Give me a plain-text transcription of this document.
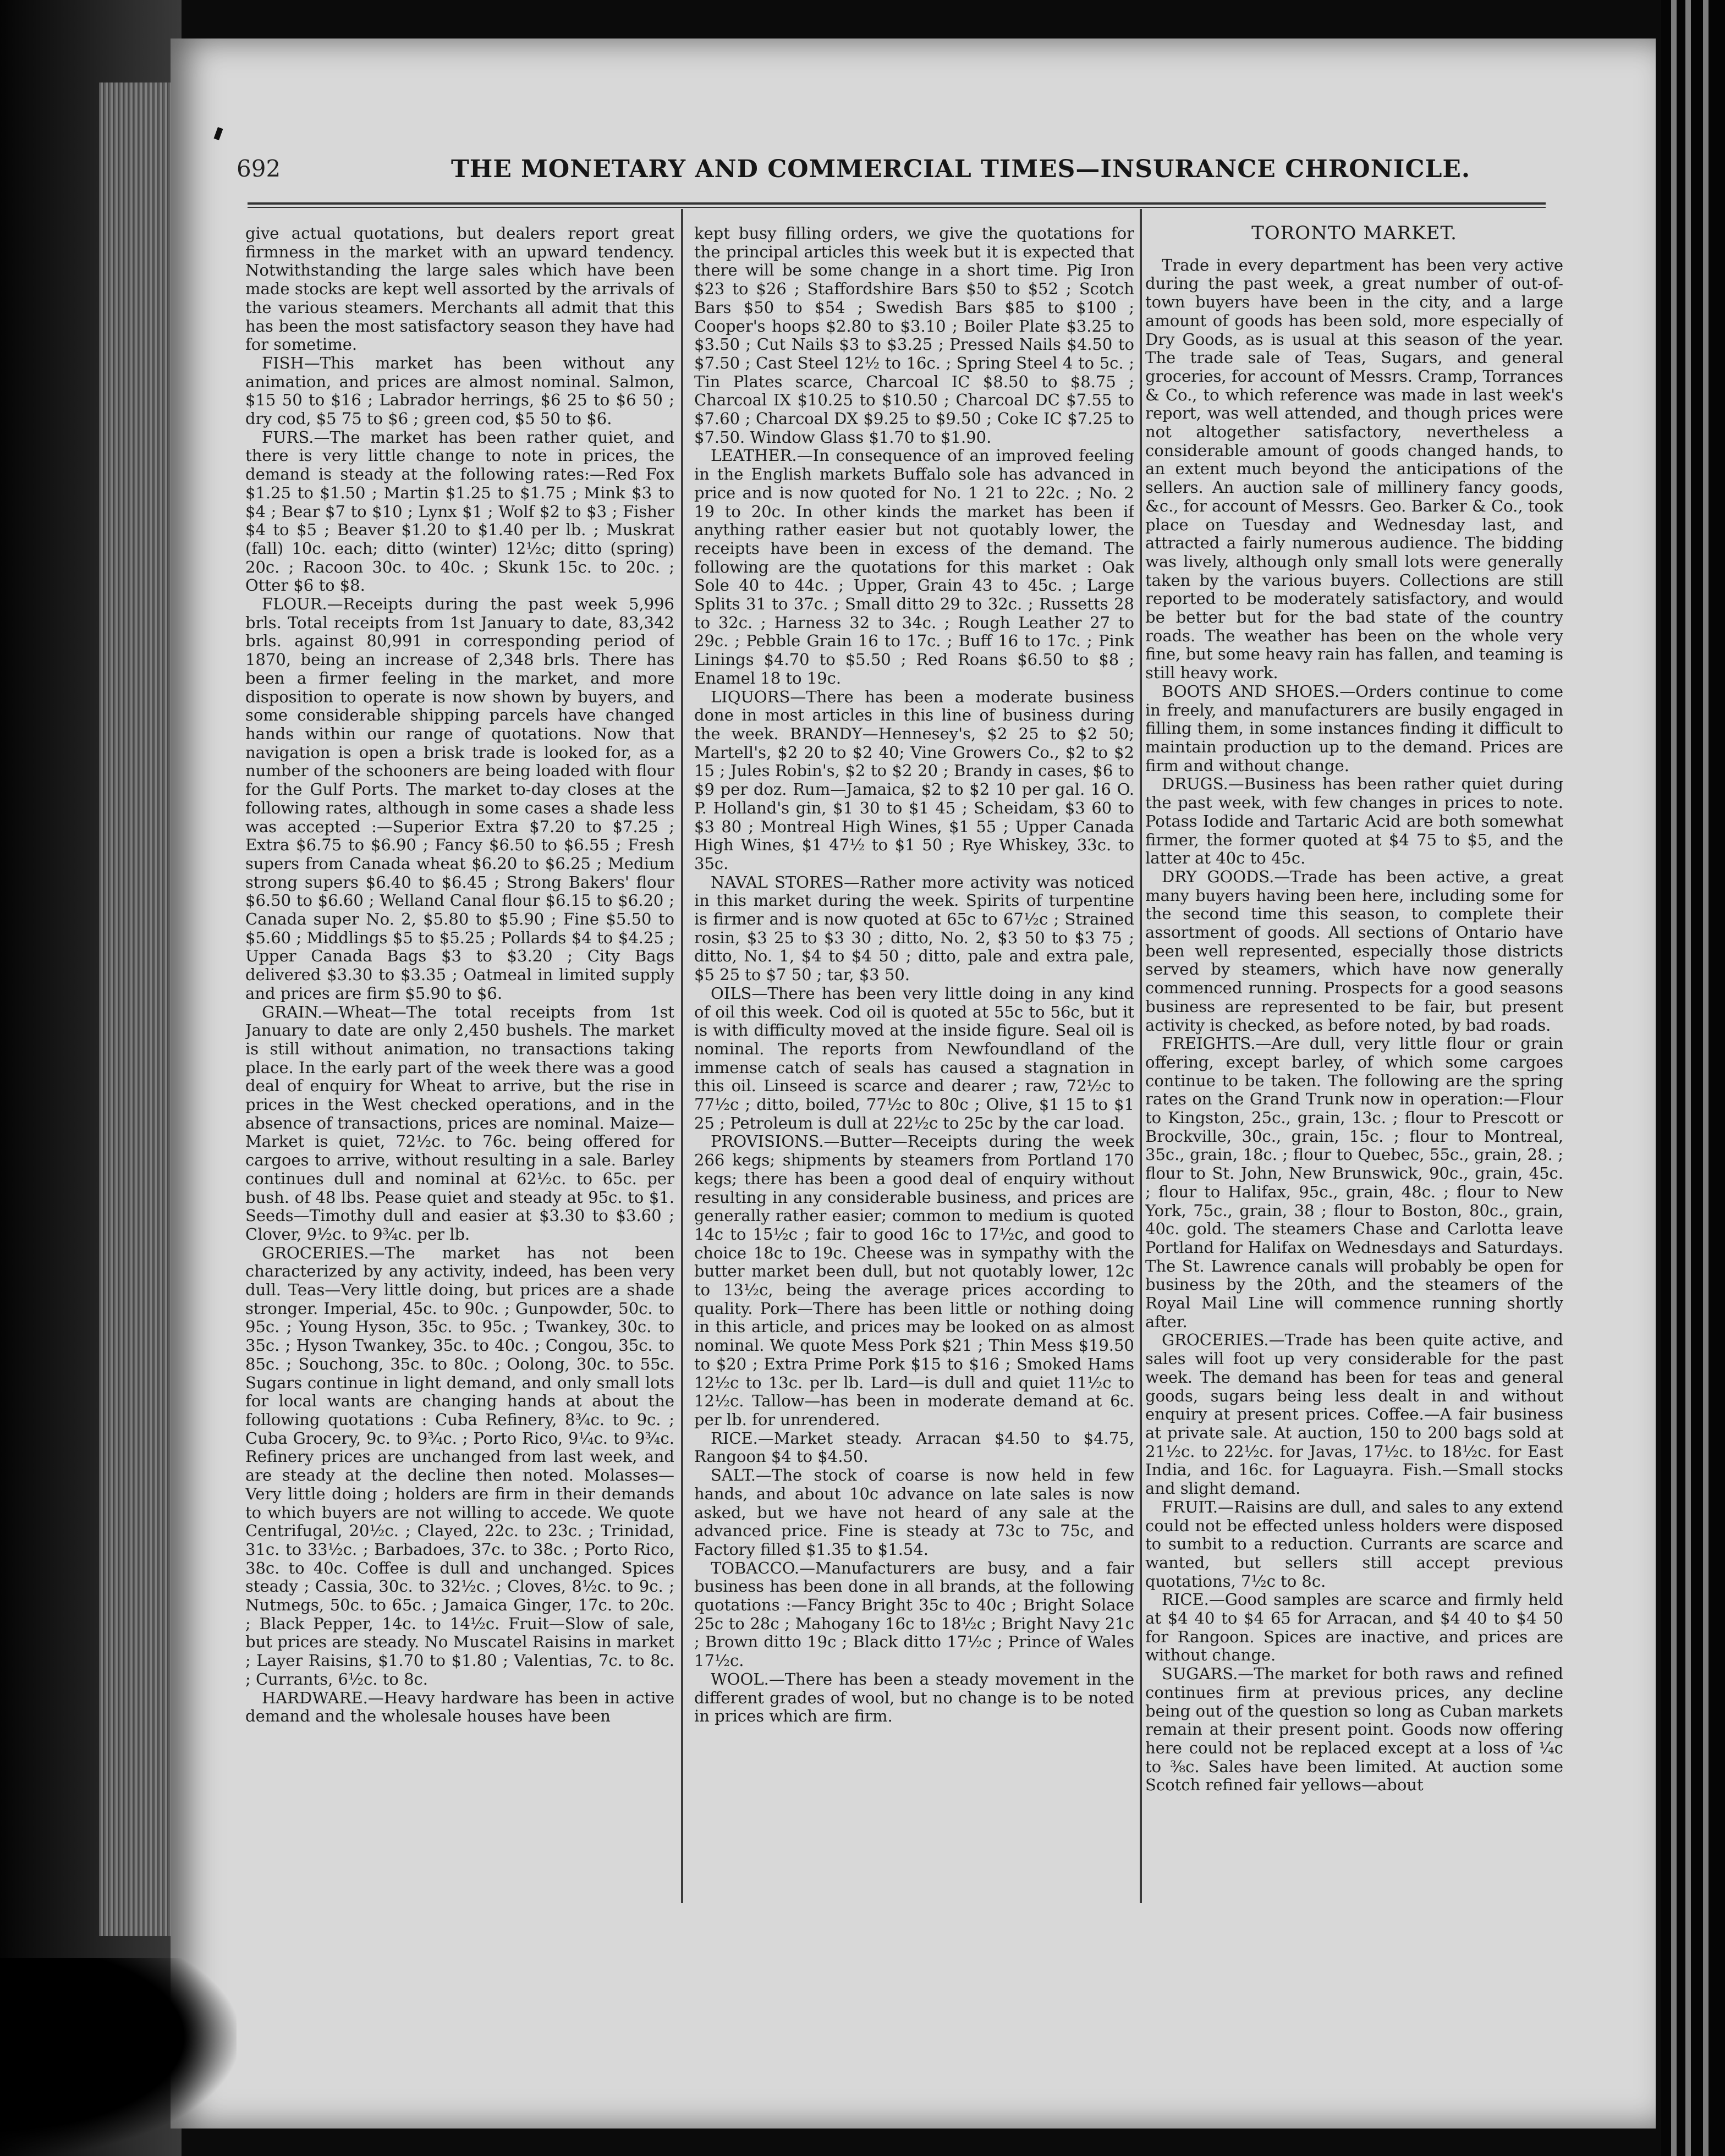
692	THE MONETARY AND COMMERCIAL TIMES—INSURANCE CHRONICLE.

give actual quotations, but dealers report great firmness in the market with an upward tendency. Notwithstanding the large sales which have been made stocks are kept well assorted by the arrivals of the various steamers. Merchants all admit that this has been the most satisfactory season they have had for sometime.

FISH—This market has been without any animation, and prices are almost nominal. Salmon, $15 50 to $16 ; Labrador herrings, $6 25 to $6 50 ; dry cod, $5 75 to $6 ; green cod, $5 50 to $6.

FURS.—The market has been rather quiet, and there is very little change to note in prices, the demand is steady at the following rates:—Red Fox $1.25 to $1.50 ; Martin $1.25 to $1.75 ; Mink $3 to $4 ; Bear $7 to $10 ; Lynx $1 ; Wolf $2 to $3 ; Fisher $4 to $5 ; Beaver $1.20 to $1.40 per lb. ; Muskrat (fall) 10c. each; ditto (winter) 12½c; ditto (spring) 20c. ; Racoon 30c. to 40c. ; Skunk 15c. to 20c. ; Otter $6 to $8.

FLOUR.—Receipts during the past week 5,996 brls. Total receipts from 1st January to date, 83,342 brls. against 80,991 in corresponding period of 1870, being an increase of 2,348 brls. There has been a firmer feeling in the market, and more disposition to operate is now shown by buyers, and some considerable shipping parcels have changed hands within our range of quotations. Now that navigation is open a brisk trade is looked for, as a number of the schooners are being loaded with flour for the Gulf Ports. The market to-day closes at the following rates, although in some cases a shade less was accepted :—Superior Extra $7.20 to $7.25 ; Extra $6.75 to $6.90 ; Fancy $6.50 to $6.55 ; Fresh supers from Canada wheat $6.20 to $6.25 ; Medium strong supers $6.40 to $6.45 ; Strong Bakers' flour $6.50 to $6.60 ; Welland Canal flour $6.15 to $6.20 ; Canada super No. 2, $5.80 to $5.90 ; Fine $5.50 to $5.60 ; Middlings $5 to $5.25 ; Pollards $4 to $4.25 ; Upper Canada Bags $3 to $3.20 ; City Bags delivered $3.30 to $3.35 ; Oatmeal in limited supply and prices are firm $5.90 to $6.

GRAIN.—Wheat—The total receipts from 1st January to date are only 2,450 bushels. The market is still without animation, no transactions taking place. In the early part of the week there was a good deal of enquiry for Wheat to arrive, but the rise in prices in the West checked operations, and in the absence of transactions, prices are nominal. Maize—Market is quiet, 72½c. to 76c. being offered for cargoes to arrive, without resulting in a sale. Barley continues dull and nominal at 62½c. to 65c. per bush. of 48 lbs. Pease quiet and steady at 95c. to $1. Seeds—Timothy dull and easier at $3.30 to $3.60 ; Clover, 9½c. to 9¾c. per lb.

GROCERIES.—The market has not been characterized by any activity, indeed, has been very dull. Teas—Very little doing, but prices are a shade stronger. Imperial, 45c. to 90c. ; Gunpowder, 50c. to 95c. ; Young Hyson, 35c. to 95c. ; Twankey, 30c. to 35c. ; Hyson Twankey, 35c. to 40c. ; Congou, 35c. to 85c. ; Souchong, 35c. to 80c. ; Oolong, 30c. to 55c. Sugars continue in light demand, and only small lots for local wants are changing hands at about the following quotations : Cuba Refinery, 8¾c. to 9c. ; Cuba Grocery, 9c. to 9¾c. ; Porto Rico, 9¼c. to 9¾c. Refinery prices are unchanged from last week, and are steady at the decline then noted. Molasses—Very little doing ; holders are firm in their demands to which buyers are not willing to accede. We quote Centrifugal, 20½c. ; Clayed, 22c. to 23c. ; Trinidad, 31c. to 33½c. ; Barbadoes, 37c. to 38c. ; Porto Rico, 38c. to 40c. Coffee is dull and unchanged. Spices steady ; Cassia, 30c. to 32½c. ; Cloves, 8½c. to 9c. ; Nutmegs, 50c. to 65c. ; Jamaica Ginger, 17c. to 20c. ; Black Pepper, 14c. to 14½c. Fruit—Slow of sale, but prices are steady. No Muscatel Raisins in market ; Layer Raisins, $1.70 to $1.80 ; Valentias, 7c. to 8c. ; Currants, 6½c. to 8c.

HARDWARE.—Heavy hardware has been in active demand and the wholesale houses have been

kept busy filling orders, we give the quotations for the principal articles this week but it is expected that there will be some change in a short time. Pig Iron $23 to $26 ; Staffordshire Bars $50 to $52 ; Scotch Bars $50 to $54 ; Swedish Bars $85 to $100 ; Cooper's hoops $2.80 to $3.10 ; Boiler Plate $3.25 to $3.50 ; Cut Nails $3 to $3.25 ; Pressed Nails $4.50 to $7.50 ; Cast Steel 12½ to 16c. ; Spring Steel 4 to 5c. ; Tin Plates scarce, Charcoal IC $8.50 to $8.75 ; Charcoal IX $10.25 to $10.50 ; Charcoal DC $7.55 to $7.60 ; Charcoal DX $9.25 to $9.50 ; Coke IC $7.25 to $7.50. Window Glass $1.70 to $1.90.

LEATHER.—In consequence of an improved feeling in the English markets Buffalo sole has advanced in price and is now quoted for No. 1 21 to 22c. ; No. 2 19 to 20c. In other kinds the market has been if anything rather easier but not quotably lower, the receipts have been in excess of the demand. The following are the quotations for this market : Oak Sole 40 to 44c. ; Upper, Grain 43 to 45c. ; Large Splits 31 to 37c. ; Small ditto 29 to 32c. ; Russetts 28 to 32c. ; Harness 32 to 34c. ; Rough Leather 27 to 29c. ; Pebble Grain 16 to 17c. ; Buff 16 to 17c. ; Pink Linings $4.70 to $5.50 ; Red Roans $6.50 to $8 ; Enamel 18 to 19c.

LIQUORS—There has been a moderate business done in most articles in this line of business during the week. BRANDY—Hennesey's, $2 25 to $2 50; Martell's, $2 20 to $2 40; Vine Growers Co., $2 to $2 15 ; Jules Robin's, $2 to $2 20 ; Brandy in cases, $6 to $9 per doz. Rum—Jamaica, $2 to $2 10 per gal. 16 O. P. Holland's gin, $1 30 to $1 45 ; Scheidam, $3 60 to $3 80 ; Montreal High Wines, $1 55 ; Upper Canada High Wines, $1 47½ to $1 50 ; Rye Whiskey, 33c. to 35c.

NAVAL STORES—Rather more activity was noticed in this market during the week. Spirits of turpentine is firmer and is now quoted at 65c to 67½c ; Strained rosin, $3 25 to $3 30 ; ditto, No. 2, $3 50 to $3 75 ; ditto, No. 1, $4 to $4 50 ; ditto, pale and extra pale, $5 25 to $7 50 ; tar, $3 50.

OILS—There has been very little doing in any kind of oil this week. Cod oil is quoted at 55c to 56c, but it is with difficulty moved at the inside figure. Seal oil is nominal. The reports from Newfoundland of the immense catch of seals has caused a stagnation in this oil. Linseed is scarce and dearer ; raw, 72½c to 77½c ; ditto, boiled, 77½c to 80c ; Olive, $1 15 to $1 25 ; Petroleum is dull at 22½c to 25c by the car load.

PROVISIONS.—Butter—Receipts during the week 266 kegs; shipments by steamers from Portland 170 kegs; there has been a good deal of enquiry without resulting in any considerable business, and prices are generally rather easier; common to medium is quoted 14c to 15½c ; fair to good 16c to 17½c, and good to choice 18c to 19c. Cheese was in sympathy with the butter market been dull, but not quotably lower, 12c to 13½c, being the average prices according to quality. Pork—There has been little or nothing doing in this article, and prices may be looked on as almost nominal. We quote Mess Pork $21 ; Thin Mess $19.50 to $20 ; Extra Prime Pork $15 to $16 ; Smoked Hams 12½c to 13c. per lb. Lard—is dull and quiet 11½c to 12½c. Tallow—has been in moderate demand at 6c. per lb. for unrendered.

RICE.—Market steady. Arracan $4.50 to $4.75, Rangoon $4 to $4.50.

SALT.—The stock of coarse is now held in few hands, and about 10c advance on late sales is now asked, but we have not heard of any sale at the advanced price. Fine is steady at 73c to 75c, and Factory filled $1.35 to $1.54.

TOBACCO.—Manufacturers are busy, and a fair business has been done in all brands, at the following quotations :—Fancy Bright 35c to 40c ; Bright Solace 25c to 28c ; Mahogany 16c to 18½c ; Bright Navy 21c ; Brown ditto 19c ; Black ditto 17½c ; Prince of Wales 17½c.

WOOL.—There has been a steady movement in the different grades of wool, but no change is to be noted in prices which are firm.

TORONTO MARKET.

Trade in every department has been very active during the past week, a great number of out-of-town buyers have been in the city, and a large amount of goods has been sold, more especially of Dry Goods, as is usual at this season of the year. The trade sale of Teas, Sugars, and general groceries, for account of Messrs. Cramp, Torrances & Co., to which reference was made in last week's report, was well attended, and though prices were not altogether satisfactory, nevertheless a considerable amount of goods changed hands, to an extent much beyond the anticipations of the sellers. An auction sale of millinery fancy goods, &c., for account of Messrs. Geo. Barker & Co., took place on Tuesday and Wednesday last, and attracted a fairly numerous audience. The bidding was lively, although only small lots were generally taken by the various buyers. Collections are still reported to be moderately satisfactory, and would be better but for the bad state of the country roads. The weather has been on the whole very fine, but some heavy rain has fallen, and teaming is still heavy work.

BOOTS AND SHOES.—Orders continue to come in freely, and manufacturers are busily engaged in filling them, in some instances finding it difficult to maintain production up to the demand. Prices are firm and without change.

DRUGS.—Business has been rather quiet during the past week, with few changes in prices to note. Potass Iodide and Tartaric Acid are both somewhat firmer, the former quoted at $4 75 to $5, and the latter at 40c to 45c.

DRY GOODS.—Trade has been active, a great many buyers having been here, including some for the second time this season, to complete their assortment of goods. All sections of Ontario have been well represented, especially those districts served by steamers, which have now generally commenced running. Prospects for a good seasons business are represented to be fair, but present activity is checked, as before noted, by bad roads.

FREIGHTS.—Are dull, very little flour or grain offering, except barley, of which some cargoes continue to be taken. The following are the spring rates on the Grand Trunk now in operation:—Flour to Kingston, 25c., grain, 13c. ; flour to Prescott or Brockville, 30c., grain, 15c. ; flour to Montreal, 35c., grain, 18c. ; flour to Quebec, 55c., grain, 28. ; flour to St. John, New Brunswick, 90c., grain, 45c. ; flour to Halifax, 95c., grain, 48c. ; flour to New York, 75c., grain, 38 ; flour to Boston, 80c., grain, 40c. gold. The steamers Chase and Carlotta leave Portland for Halifax on Wednesdays and Saturdays. The St. Lawrence canals will probably be open for business by the 20th, and the steamers of the Royal Mail Line will commence running shortly after.

GROCERIES.—Trade has been quite active, and sales will foot up very considerable for the past week. The demand has been for teas and general goods, sugars being less dealt in and without enquiry at present prices. Coffee.—A fair business at private sale. At auction, 150 to 200 bags sold at 21½c. to 22½c. for Javas, 17½c. to 18½c. for East India, and 16c. for Laguayra. Fish.—Small stocks and slight demand.

FRUIT.—Raisins are dull, and sales to any extend could not be effected unless holders were disposed to sumbit to a reduction. Currants are scarce and wanted, but sellers still accept previous quotations, 7½c to 8c.

RICE.—Good samples are scarce and firmly held at $4 40 to $4 65 for Arracan, and $4 40 to $4 50 for Rangoon. Spices are inactive, and prices are without change.

SUGARS.—The market for both raws and refined continues firm at previous prices, any decline being out of the question so long as Cuban markets remain at their present point. Goods now offering here could not be replaced except at a loss of ¼c to ⅜c. Sales have been limited. At auction some Scotch refined fair yellows—about
